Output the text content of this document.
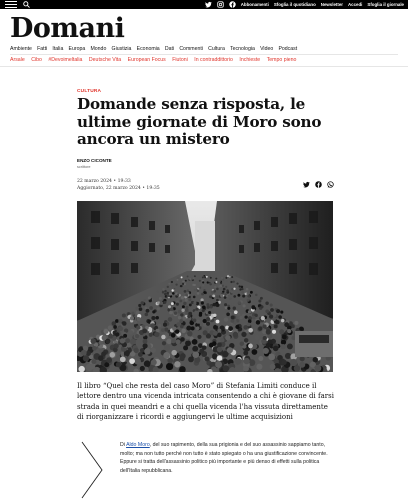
Abbonamenti Sfoglia il quotidiano Newsletter Accedi Sfoglia il giornale
Domani
Ambiente Fatti Italia Europa Mondo Giustizia Economia Dati Commenti Cultura Tecnologia Video Podcast
Arsale Cibo #Devoimeltalia Deutsche Vita European Focus Fiutoni In contraddittorio Inchieste Tempo pieno
CULTURA
Domande senza risposta, le ultime giornate di Moro sono ancora un mistero
ENZO CICONTE
scrittore
22 marzo 2024 • 19:33
Aggiornato, 22 marzo 2024 • 19:35

Il libro “Quel che resta del caso Moro” di Stefania Limiti conduce il lettore dentro una vicenda intricata consentendo a chi è giovane di farsi strada in quei meandri e a chi quella vicenda l'ha vissuta direttamente di riorganizzare i ricordi e aggiungervi le ultime acquisizioni

Di Aldo Moro, del suo rapimento, della sua prigionia e del suo assassinio sappiamo tanto, molto; ma non tutto perché non tutto è stato spiegato o ha una giustificazione convincente. Eppure si tratta dell'assassinio politico più importante e più denso di effetti sulla politica dell'Italia repubblicana.
